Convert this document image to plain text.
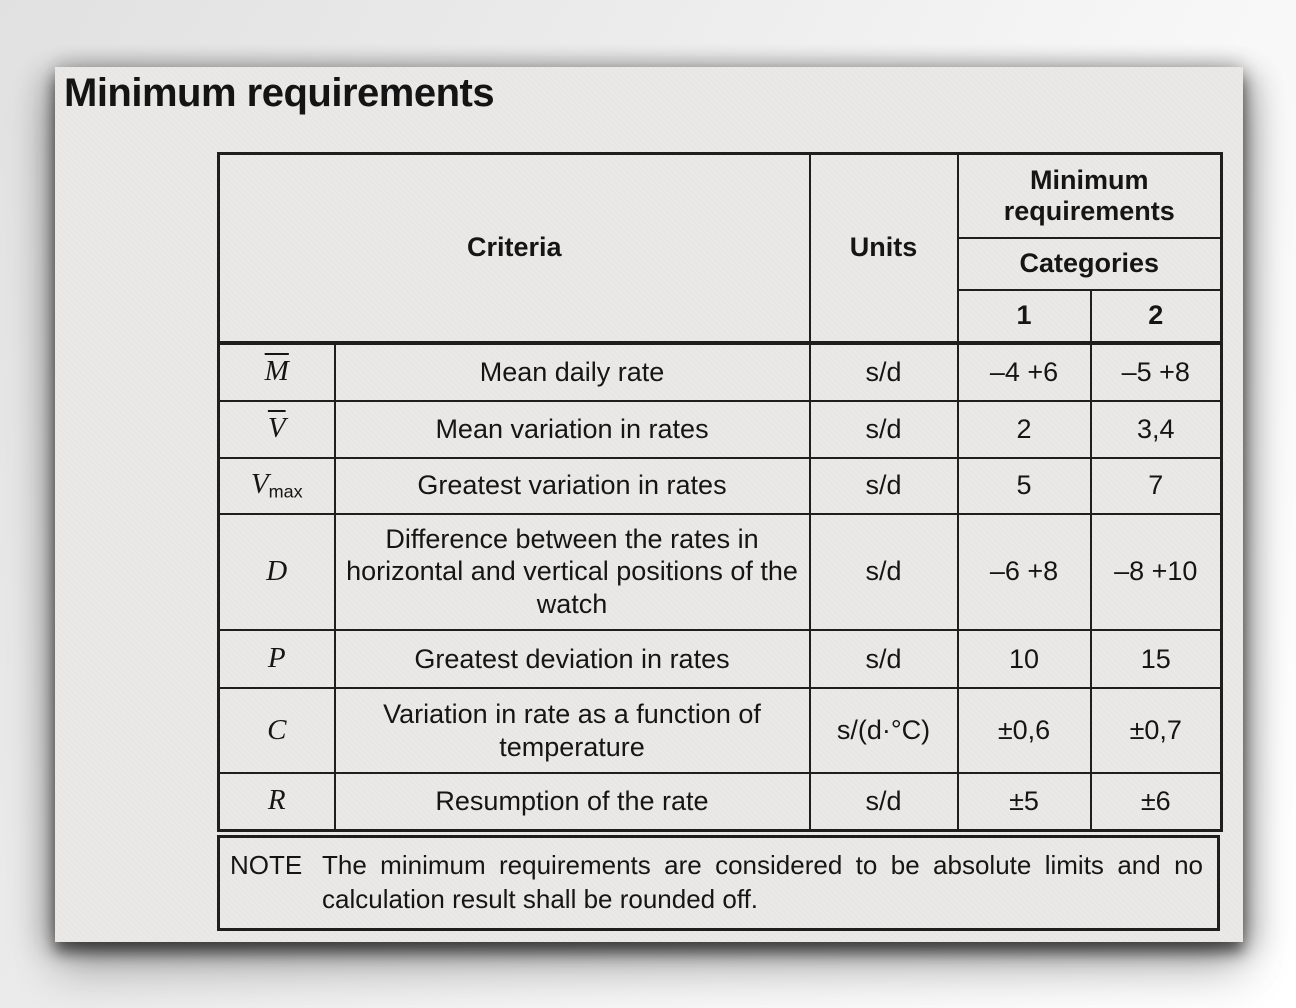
Minimum requirements
Criteria		Units	Minimum requirements	
			Categories	
			1	2
$\overline{M}$	Mean daily rate	s/d	–4 +6	–5 +8
$\overline{V}$	Mean variation in rates	s/d	2	3,4
$V_{max}$	Greatest variation in rates	s/d	5	7
D	Difference between the rates in horizontal and vertical positions of the watch	s/d	–6 +8	–8 +10
P	Greatest deviation in rates	s/d	10	15
C	Variation in rate as a function of temperature	s/(d·°C)	±0,6	±0,7
R	Resumption of the rate	s/d	±5	±6
NOTE The minimum requirements are considered to be absolute limits and no calculation result shall be rounded off.
